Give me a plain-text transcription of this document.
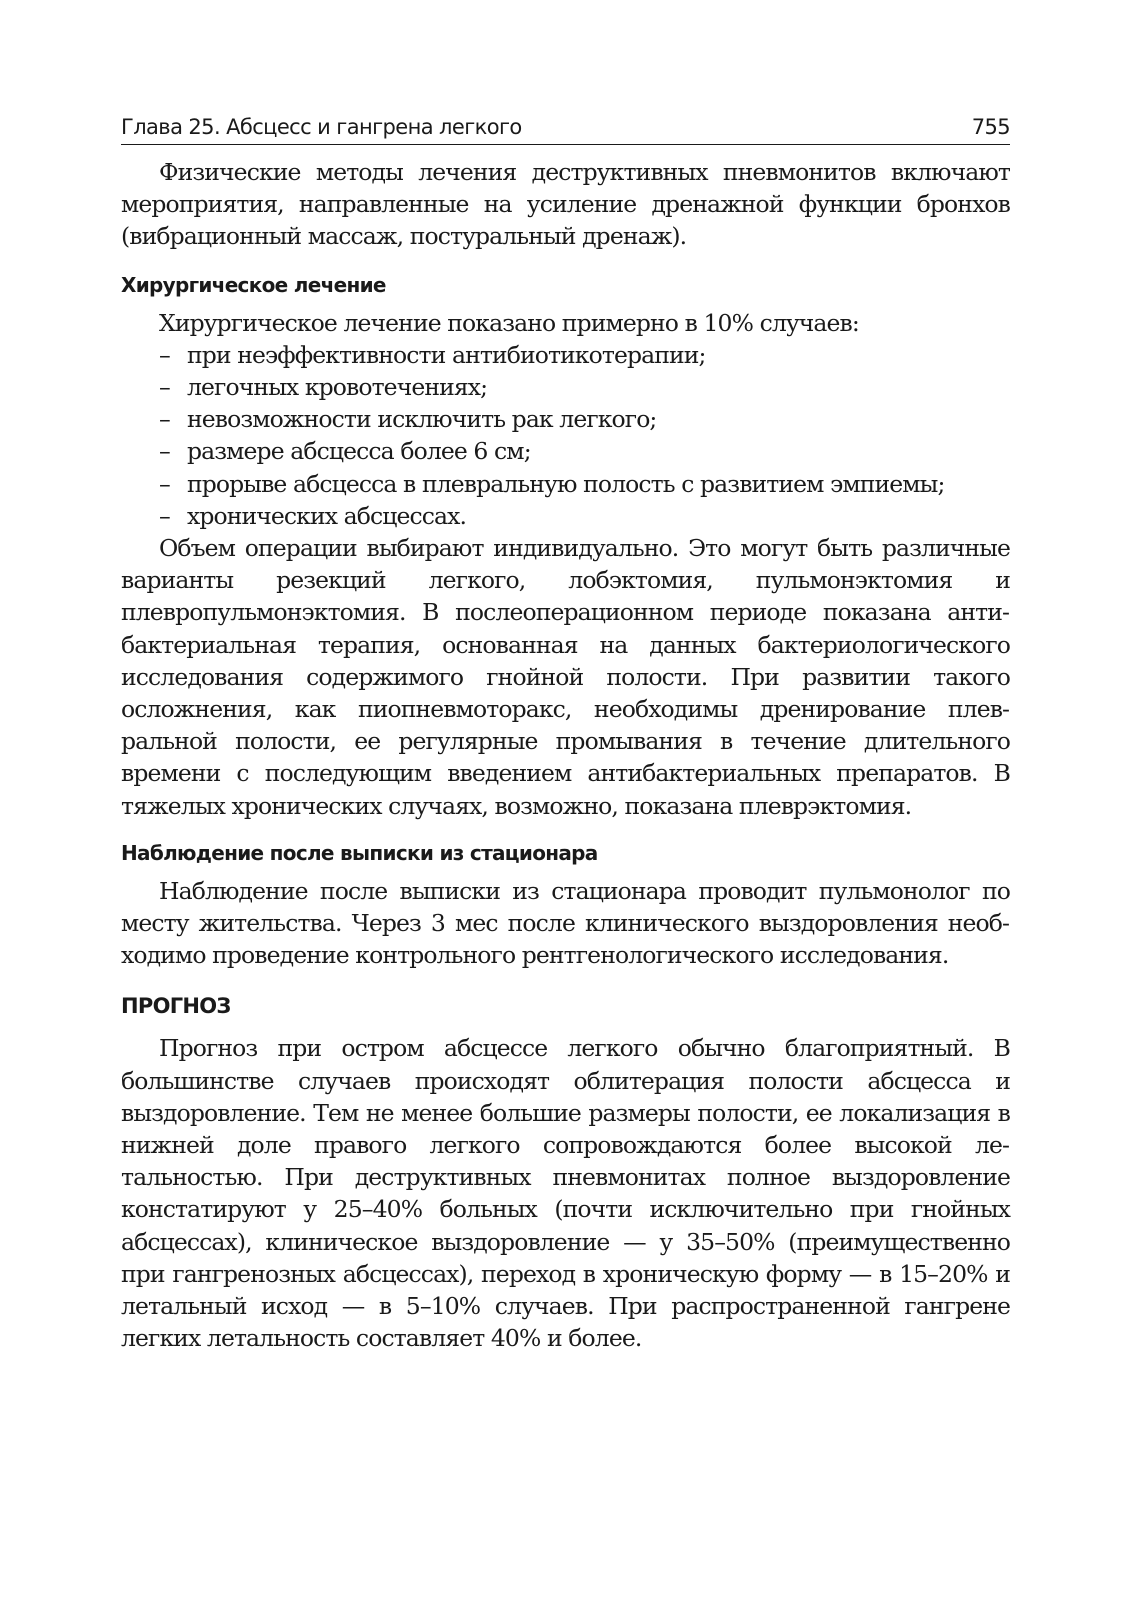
Глава 25. Абсцесс и гангрена легкого	755

Физические методы лечения деструктивных пневмонитов включают мероприятия, направленные на усиление дренажной функции бронхов (вибрационный массаж, постуральный дренаж).

Хирургическое лечение

Хирургическое лечение показано примерно в 10% случаев:

– при неэффективности антибиотикотерапии;
– легочных кровотечениях;
– невозможности исключить рак легкого;
– размере абсцесса более 6 см;
– прорыве абсцесса в плевральную полость с развитием эмпиемы;
– хронических абсцессах.

Объем операции выбирают индивидуально. Это могут быть различные варианты резекций легкого, лобэктомия, пульмонэктомия и плевропульмонэктомия. В послеоперационном периоде показана антибактериальная терапия, основанная на данных бактериологического исследования содержимого гнойной полости. При развитии такого осложнения, как пиопневмоторакс, необходимы дренирование плевральной полости, ее регулярные промывания в течение длительного времени с последующим введением антибактериальных препаратов. В тяжелых хронических случаях, возможно, показана плеврэктомия.

Наблюдение после выписки из стационара

Наблюдение после выписки из стационара проводит пульмонолог по месту жительства. Через 3 мес после клинического выздоровления необходимо проведение контрольного рентгенологического исследования.

ПРОГНОЗ

Прогноз при остром абсцессе легкого обычно благоприятный. В большинстве случаев происходят облитерация полости абсцесса и выздоровление. Тем не менее большие размеры полости, ее локализация в нижней доле правого легкого сопровождаются более высокой летальностью. При деструктивных пневмонитах полное выздоровление констатируют у 25–40% больных (почти исключительно при гнойных абсцессах), клиническое выздоровление — у 35–50% (преимущественно при гангренозных абсцессах), переход в хроническую форму — в 15–20% и летальный исход — в 5–10% случаев. При распространенной гангрене легких летальность составляет 40% и более.
